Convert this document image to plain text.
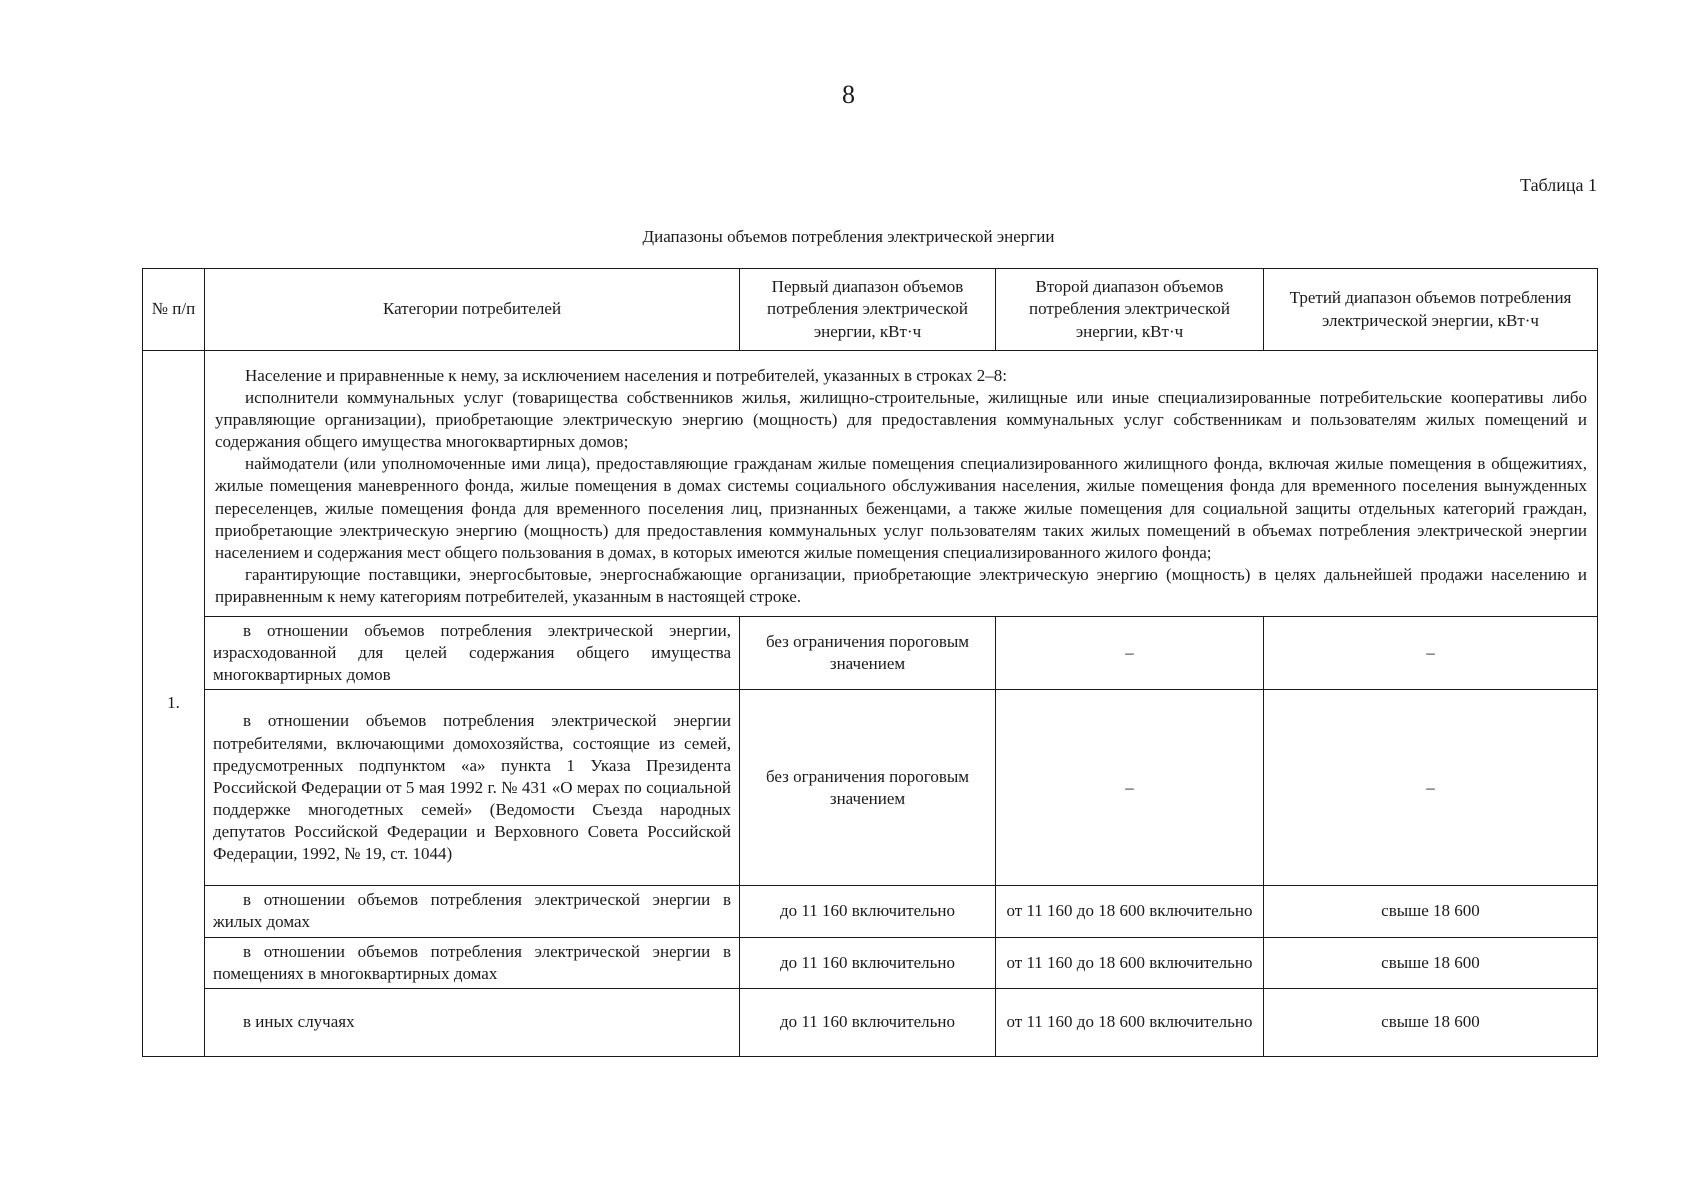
8
Таблица 1
Диапазоны объемов потребления электрической энергии
№ п/п	Категории потребителей	Первый диапазон объемов потребления электрической энергии, кВт·ч	Второй диапазон объемов потребления электрической энергии, кВт·ч	Третий диапазон объемов потребления электрической энергии, кВт·ч
1.	Население и приравненные к нему, за исключением населения и потребителей, указанных в строках 2–8:

исполнители коммунальных услуг (товарищества собственников жилья, жилищно-строительные, жилищные или иные специализированные потребительские кооперативы либо управляющие организации), приобретающие электрическую энергию (мощность) для предоставления коммунальных услуг собственникам и пользователям жилых помещений и содержания общего имущества многоквартирных домов;

наймодатели (или уполномоченные ими лица), предоставляющие гражданам жилые помещения специализированного жилищного фонда, включая жилые помещения в общежитиях, жилые помещения маневренного фонда, жилые помещения в домах системы социального обслуживания населения, жилые помещения фонда для временного поселения вынужденных переселенцев, жилые помещения фонда для временного поселения лиц, признанных беженцами, а также жилые помещения для социальной защиты отдельных категорий граждан, приобретающие электрическую энергию (мощность) для предоставления коммунальных услуг пользователям таких жилых помещений в объемах потребления электрической энергии населением и содержания мест общего пользования в домах, в которых имеются жилые помещения специализированного жилого фонда;

гарантирующие поставщики, энергосбытовые, энергоснабжающие организации, приобретающие электрическую энергию (мощность) в целях дальнейшей продажи населению и приравненным к нему категориям потребителей, указанным в настоящей строке.			

	в отношении объемов потребления электрической энергии, израсходованной для целей содержания общего имущества многоквартирных домов	без ограничения пороговым значением	–	–
	в отношении объемов потребления электрической энергии потребителями, включающими домохозяйства, состоящие из семей, предусмотренных подпунктом «а» пункта 1 Указа Президента Российской Федерации от 5 мая 1992 г. № 431 «О мерах по социальной поддержке многодетных семей» (Ведомости Съезда народных депутатов Российской Федерации и Верховного Совета Российской Федерации, 1992, № 19, ст. 1044)	без ограничения пороговым значением	–	–
	в отношении объемов потребления электрической энергии в жилых домах	до 11 160 включительно	от 11 160 до 18 600 включительно	свыше 18 600
	в отношении объемов потребления электрической энергии в помещениях в многоквартирных домах	до 11 160 включительно	от 11 160 до 18 600 включительно	свыше 18 600
	в иных случаях	до 11 160 включительно	от 11 160 до 18 600 включительно	свыше 18 600
